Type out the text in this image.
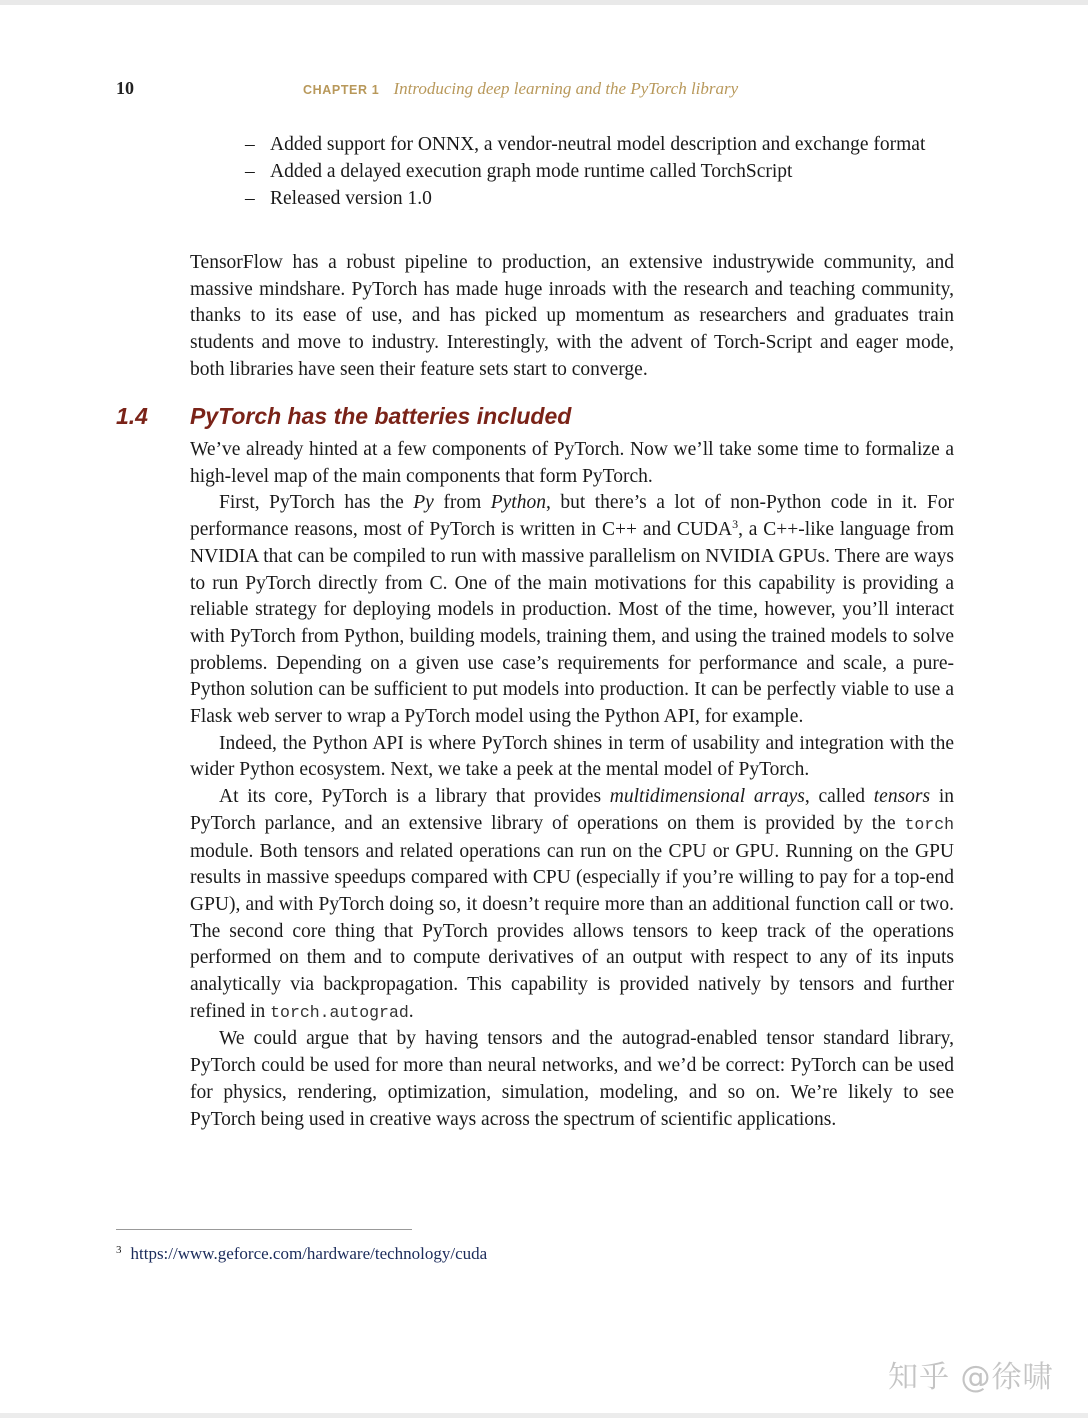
10	CHAPTER 1 Introducing deep learning and the PyTorch library
– Added support for ONNX, a vendor-neutral model description and exchange format
– Added a delayed execution graph mode runtime called TorchScript
– Released version 1.0

TensorFlow has a robust pipeline to production, an extensive industrywide community, and massive mindshare. PyTorch has made huge inroads with the research and teaching community, thanks to its ease of use, and has picked up momentum as researchers and graduates train students and move to industry. Interestingly, with the advent of Torch-Script and eager mode, both libraries have seen their feature sets start to converge.

1.4 PyTorch has the batteries included

We’ve already hinted at a few components of PyTorch. Now we’ll take some time to formalize a high-level map of the main components that form PyTorch.

First, PyTorch has the Py from Python, but there’s a lot of non-Python code in it. For performance reasons, most of PyTorch is written in C++ and CUDA$^3$, a C++-like language from NVIDIA that can be compiled to run with massive parallelism on NVIDIA GPUs. There are ways to run PyTorch directly from C. One of the main motivations for this capability is providing a reliable strategy for deploying models in production. Most of the time, however, you’ll interact with PyTorch from Python, building models, training them, and using the trained models to solve problems. Depending on a given use case’s requirements for performance and scale, a pure-Python solution can be sufficient to put models into production. It can be perfectly viable to use a Flask web server to wrap a PyTorch model using the Python API, for example.

Indeed, the Python API is where PyTorch shines in term of usability and integration with the wider Python ecosystem. Next, we take a peek at the mental model of PyTorch.

At its core, PyTorch is a library that provides multidimensional arrays, called tensors in PyTorch parlance, and an extensive library of operations on them is provided by the torch module. Both tensors and related operations can run on the CPU or GPU. Running on the GPU results in massive speedups compared with CPU (especially if you’re willing to pay for a top-end GPU), and with PyTorch doing so, it doesn’t require more than an additional function call or two. The second core thing that PyTorch provides allows tensors to keep track of the operations performed on them and to compute derivatives of an output with respect to any of its inputs analytically via backpropagation. This capability is provided natively by tensors and further refined in torch.autograd.

We could argue that by having tensors and the autograd-enabled tensor standard library, PyTorch could be used for more than neural networks, and we’d be correct: PyTorch can be used for physics, rendering, optimization, simulation, modeling, and so on. We’re likely to see PyTorch being used in creative ways across the spectrum of scientific applications.

$^3$ https://www.geforce.com/hardware/technology/cuda
知乎 @徐啸
